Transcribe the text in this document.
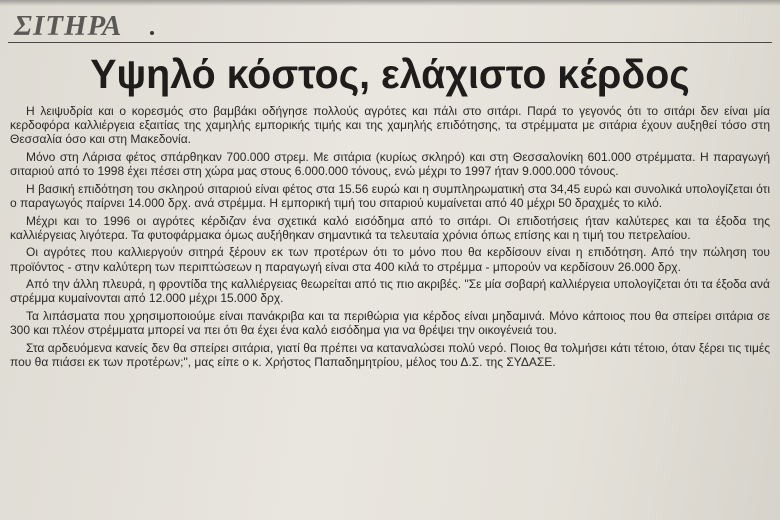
ΣΙΤΗΡΑ
Υψηλό κόστος, ελάχιστο κέρδος

Η λειψυδρία και ο κορεσμός στο βαμβάκι οδήγησε πολλούς αγρότες και πάλι στο σιτάρι. Παρά το γεγονός ότι το σιτάρι δεν είναι μία κερδοφόρα καλλιέργεια εξαιτίας της χαμηλής εμπορικής τιμής και της χαμηλής επιδότησης, τα στρέμματα με σιτάρια έχουν αυξηθεί τόσο στη Θεσσαλία όσο και στη Μακεδονία.

Μόνο στη Λάρισα φέτος σπάρθηκαν 700.000 στρεμ. Με σιτάρια (κυρίως σκληρό) και στη Θεσσαλονίκη 601.000 στρέμματα. Η παραγωγή σιταριού από το 1998 έχει πέσει στη χώρα μας στους 6.000.000 τόνους, ενώ μέχρι το 1997 ήταν 9.000.000 τόνους.

Η βασική επιδότηση του σκληρού σιταριού είναι φέτος στα 15.56 ευρώ και η συμπληρωματική στα 34,45 ευρώ και συνολικά υπολογίζεται ότι ο παραγωγός παίρνει 14.000 δρχ. ανά στρέμμα. Η εμπορική τιμή του σιταριού κυμαίνεται από 40 μέχρι 50 δραχμές το κιλό.

Μέχρι και το 1996 οι αγρότες κέρδιζαν ένα σχετικά καλό εισόδημα από το σιτάρι. Οι επιδοτήσεις ήταν καλύτερες και τα έξοδα της καλλιέργειας λιγότερα. Τα φυτοφάρμακα όμως αυξήθηκαν σημαντικά τα τελευταία χρόνια όπως επίσης και η τιμή του πετρελαίου.

Οι αγρότες που καλλιεργούν σιτηρά ξέρουν εκ των προτέρων ότι το μόνο που θα κερδίσουν είναι η επιδότηση. Από την πώληση του προϊόντος - στην καλύτερη των περιπτώσεων η παραγωγή είναι στα 400 κιλά το στρέμμα - μπορούν να κερδίσουν 26.000 δρχ.

Από την άλλη πλευρά, η φροντίδα της καλλιέργειας θεωρείται από τις πιο ακριβές. "Σε μία σοβαρή καλλιέργεια υπολογίζεται ότι τα έξοδα ανά στρέμμα κυμαίνονται από 12.000 μέχρι 15.000 δρχ.

Τα λιπάσματα που χρησιμοποιούμε είναι πανάκριβα και τα περιθώρια για κέρδος είναι μηδαμινά. Μόνο κάποιος που θα σπείρει σιτάρια σε 300 και πλέον στρέμματα μπορεί να πει ότι θα έχει ένα καλό εισόδημα για να θρέψει την οικογένειά του.

Στα αρδευόμενα κανείς δεν θα σπείρει σιτάρια, γιατί θα πρέπει να καταναλώσει πολύ νερό. Ποιος θα τολμήσει κάτι τέτοιο, όταν ξέρει τις τιμές που θα πιάσει εκ των προτέρων;", μας είπε ο κ. Χρήστος Παπαδημητρίου, μέλος του Δ.Σ. της ΣΥΔΑΣΕ.
